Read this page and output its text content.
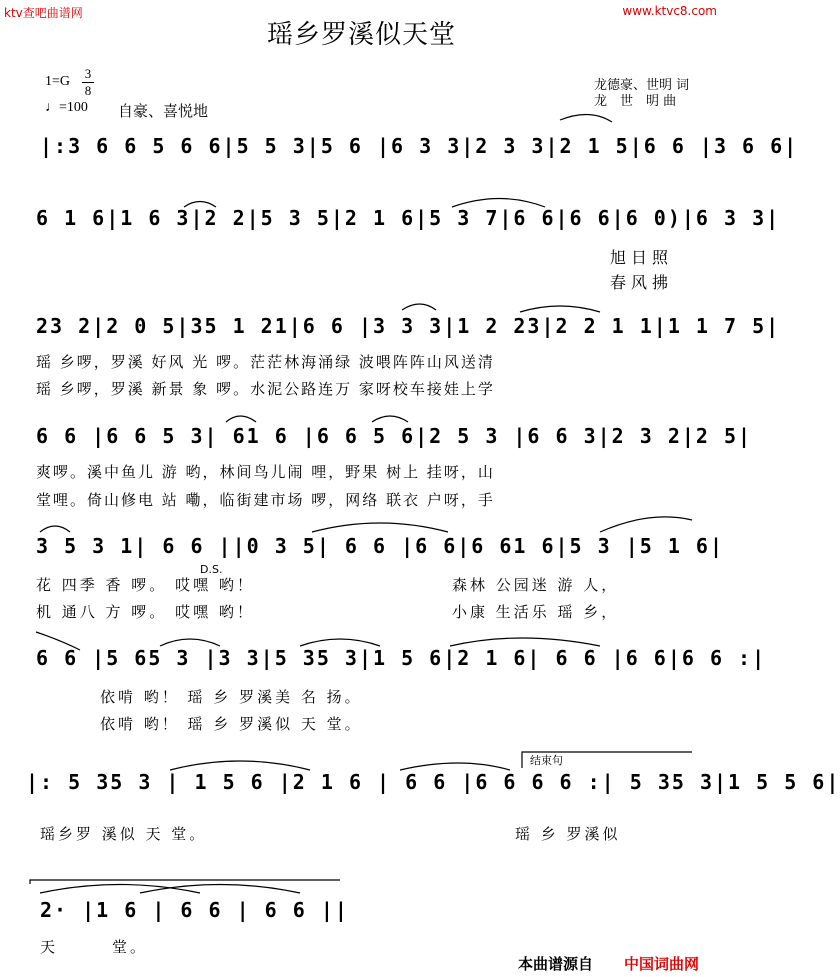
ktv查吧曲谱网	www.ktvc8.com
瑶乡罗溪似天堂
$1=G \frac{3}{8}$
♩=100 自豪、喜悦地
龙德豪、世明 词
龙　世　明 曲
|:3 6 6 5 6 6|5 5 3|5 6 |6 3 3|2 3 3|2 1 5|6 6 |3 6 6|
6 1 6|1 6 3|2 2|5 3 5|2 1 6|5 3 7|6 6|6 6|6 0)|6 3 3|
旭日照
春风拂
23 2|2 0 5|35 1 21|6 6 |3 3 3|1 2 23|2 2 1 1|1 1 7 5|
瑶 乡啰，罗溪 好风 光 啰。茫茫林海涌绿 波喂阵阵山风送清
瑶 乡啰，罗溪 新景 象 啰。水泥公路连万 家呀校车接娃上学
6 6 |6 6 5 3| 61 6 |6 6 5 6|2 5 3 |6 6 3|2 3 2|2 5|
爽啰。溪中鱼儿 游 哟，林间鸟儿闹 哩，野果 树上 挂呀，山
堂哩。倚山修电 站 嘞，临街建市场 啰，网络 联衣 户呀，手
3 5 3 1| 6 6 ||0 3 5| 6 6 |6 6|6 61 6|5 3 |5 1 6|
D.S.
花 四季 香 啰。 哎嘿 哟！
机 通八 方 啰。 哎嘿 哟！
森林 公园迷 游 人，
小康 生活乐 瑶 乡，
6 6 |5 65 3 |3 3|5 35 3|1 5 6|2 1 6| 6 6 |6 6|6 6 :|
依啃 哟！ 瑶 乡 罗溪美 名 扬。
依啃 哟！ 瑶 乡 罗溪似 天 堂。
结束句
|: 5 35 3 | 1 5 6 |2 1 6 | 6 6 |6 6 6 6 :| 5 35 3|1 5 5 6|
瑶乡罗 溪似 天 堂。	瑶 乡 罗溪似
2· |1 6 | 6 6 | 6 6 ||
天　　　堂。
本曲谱源自 中国词曲网
